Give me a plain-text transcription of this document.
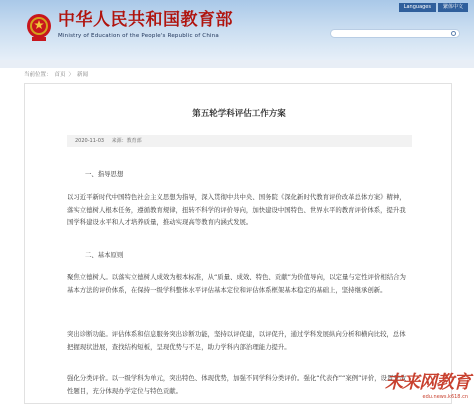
中华人民共和国教育部
Ministry of Education of the People's Republic of China
Languages	繁体中文
当前位置： 首页 〉 新闻
第五轮学科评估工作方案
2020-11-03 来源：教育部
一、指导思想

以习近平新时代中国特色社会主义思想为指导，深入贯彻中共中央、国务院《深化新时代教育评价改革总体方案》精神，落实立德树人根本任务，遵循教育规律，扭转不科学的评价导向，加快建设中国特色、世界水平的教育评价体系，提升我国学科建设水平和人才培养质量，推动实现高等教育内涵式发展。

二、基本原则

聚焦立德树人。以落实立德树人成效为根本标准，从“质量、成效、特色、贡献”为价值导向，以定量与定性评价相结合为基本方法的评价体系，在保持一级学科整体水平评估基本定位和评估体系框架基本稳定的基础上，坚持继承创新。

突出诊断功能。评估体系和信息服务突出诊断功能，坚持以评促建，以评促升，通过学科发展纵向分析和横向比较，总体把握现状进展，查找结构短板，呈现优势与不足，助力学科内部治理能力提升。

强化分类评价。以一级学科为单元，突出特色、体现优势，加强不同学科分类评价。强化“代表作”“案例”评价，设置开放性题目，充分体现办学定位与特色贡献。	未来网教育
edu.news.k618.cn
